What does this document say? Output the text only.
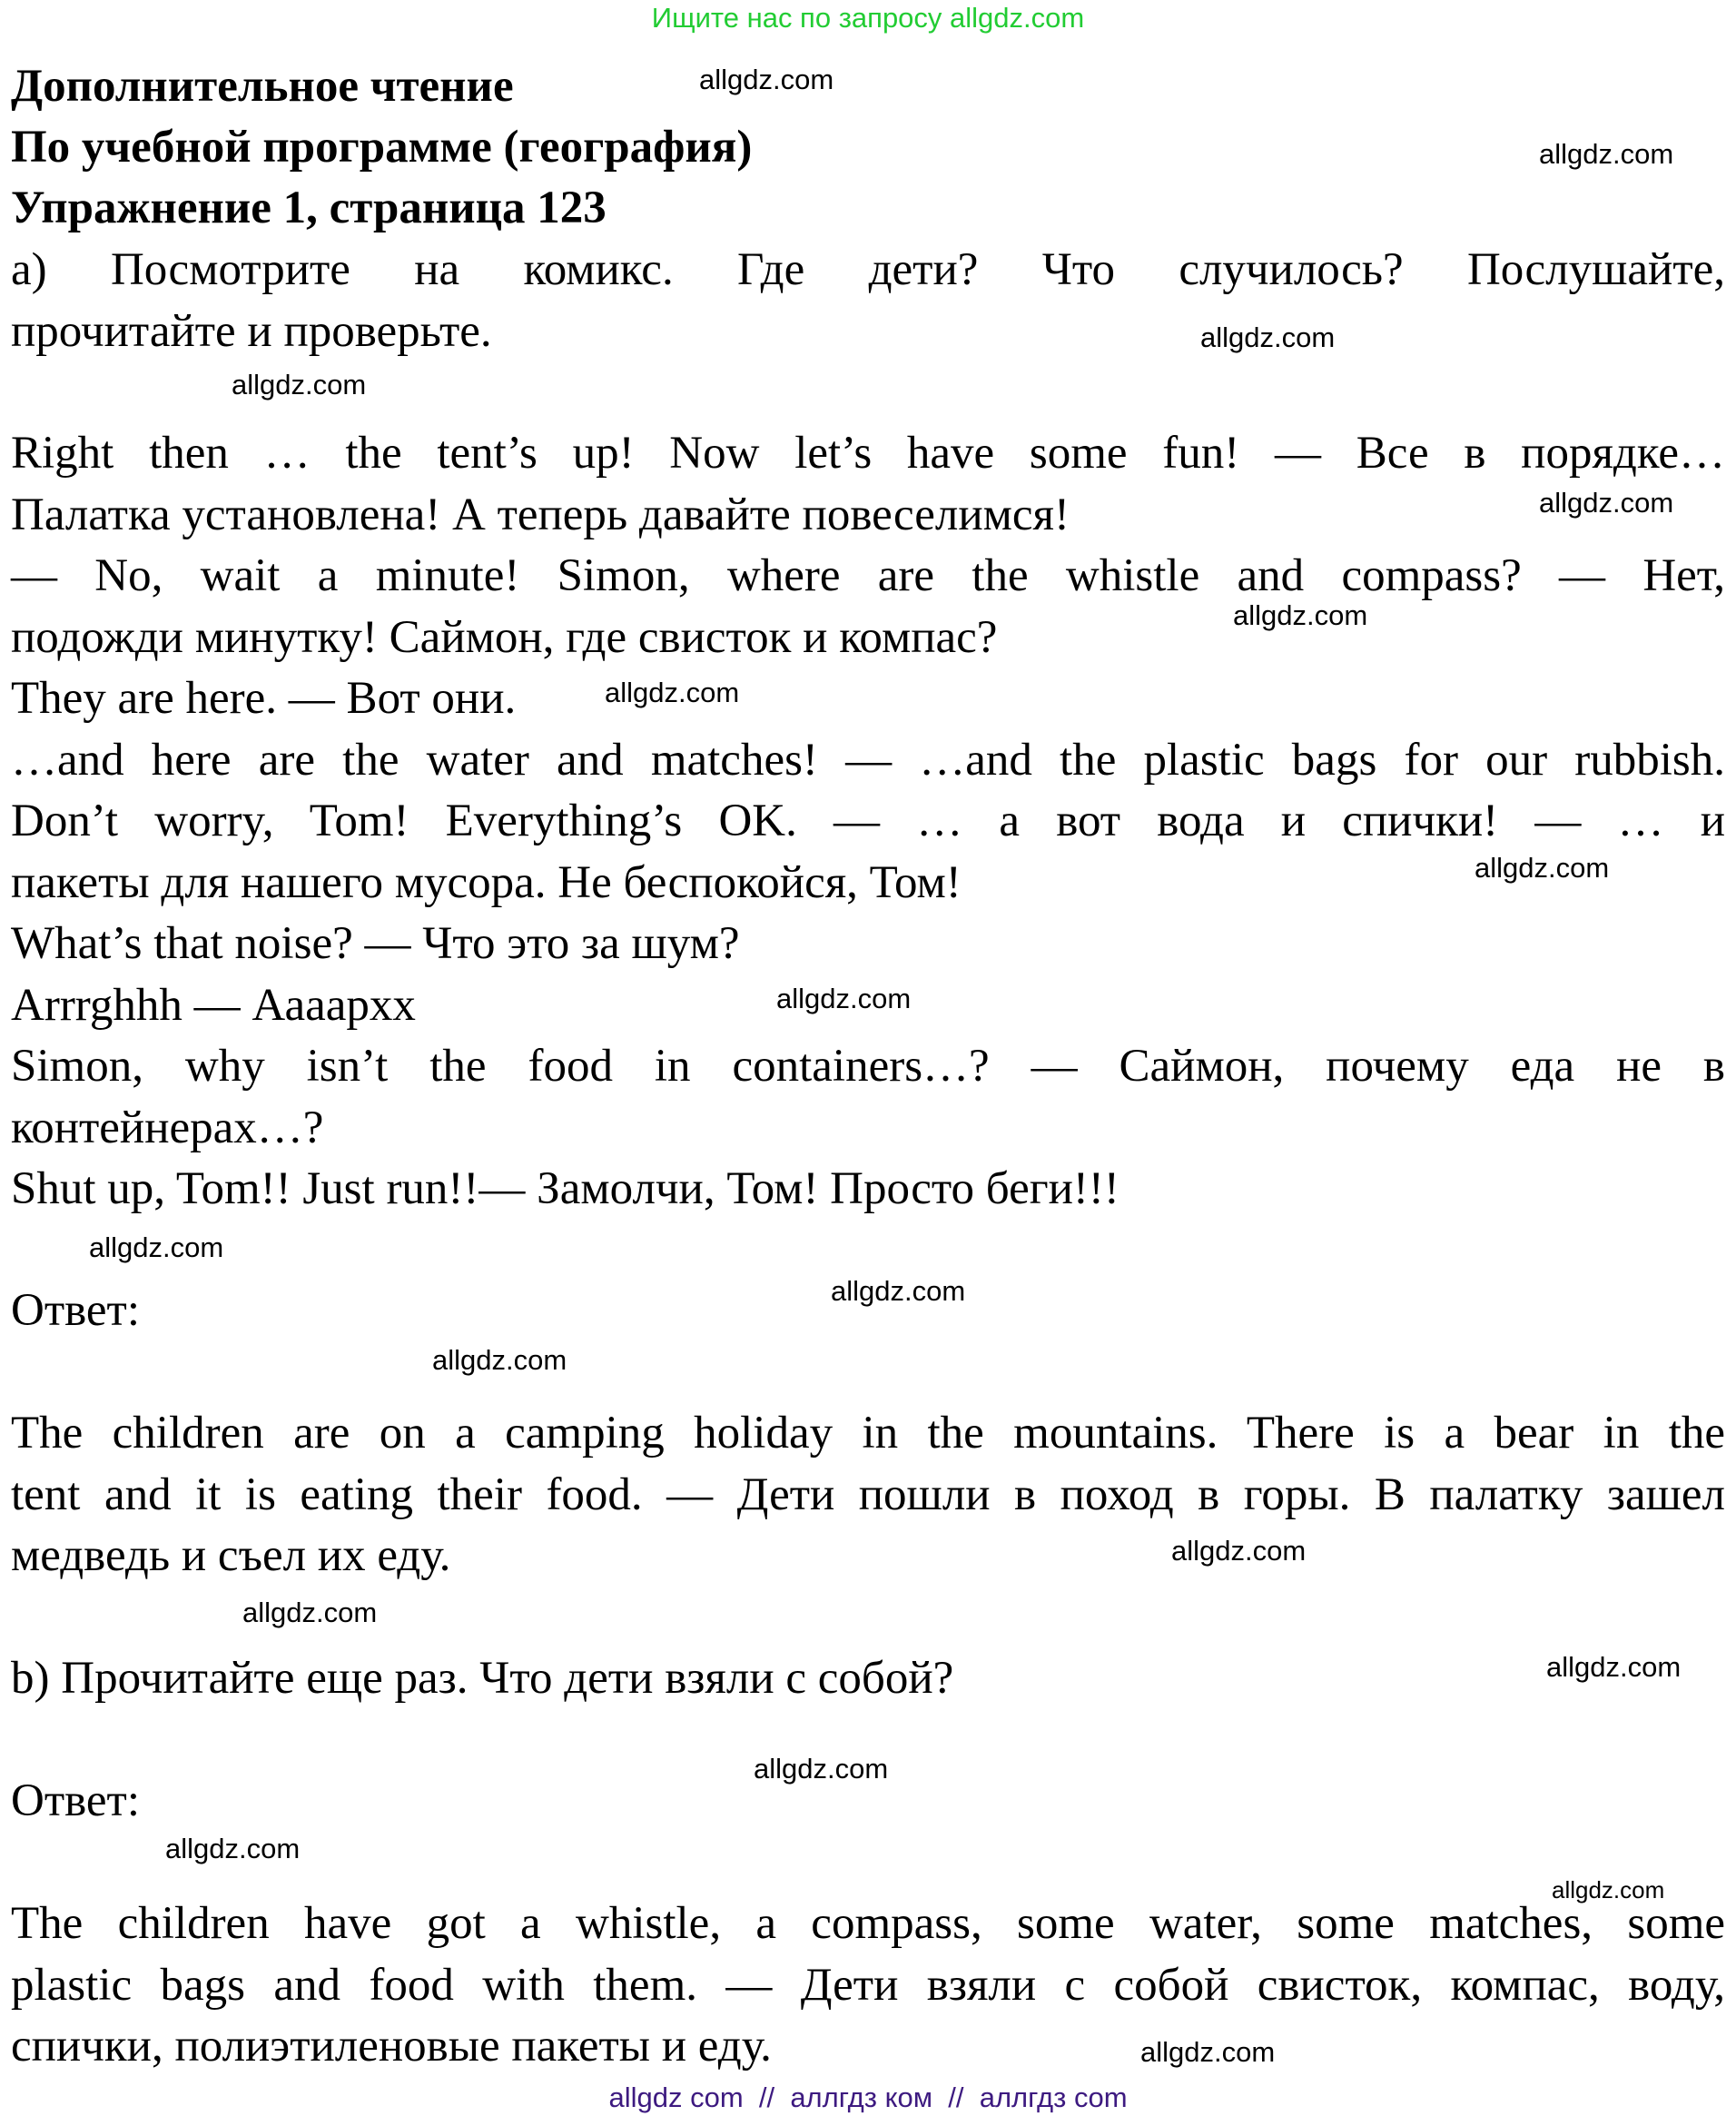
Ищите нас по запросу allgdz.com
Дополнительное чтение
По учебной программе (география)
Упражнение 1, страница 123
а) Посмотрите на комикс. Где дети? Что случилось? Послушайте,
прочитайте и проверьте.
Right then … the tent’s up! Now let’s have some fun! — Все в порядке…
Палатка установлена! А теперь давайте повеселимся!
— No, wait a minute! Simon, where are the whistle and compass? — Нет,
подожди минутку! Саймон, где свисток и компас?
They are here. — Вот они.
…and here are the water and matches! — …and the plastic bags for our rubbish.
Don’t worry, Tom! Everything’s OK. — … а вот вода и спички! — … и
пакеты для нашего мусора. Не беспокойся, Том!
What’s that noise? — Что это за шум?
Arrrghhh — Аааархх
Simon, why isn’t the food in containers…? — Саймон, почему еда не в
контейнерах…?
Shut up, Tom!! Just run!!— Замолчи, Том! Просто беги!!!
Ответ:
The children are on a camping holiday in the mountains. There is a bear in the
tent and it is eating their food. — Дети пошли в поход в горы. В палатку зашел
медведь и съел их еду.
b) Прочитайте еще раз. Что дети взяли с собой?
Ответ:
The children have got a whistle, a compass, some water, some matches, some
plastic bags and food with them. — Дети взяли с собой свисток, компас, воду,
спички, полиэтиленовые пакеты и еду.
allgdz.com
allgdz.com
allgdz.com
allgdz.com
allgdz.com
allgdz.com
allgdz.com
allgdz.com
allgdz.com
allgdz.com
allgdz.com
allgdz.com
allgdz.com
allgdz.com
allgdz.com
allgdz.com
allgdz.com
allgdz.com
allgdz.com
allgdz com  //  аллгдз ком  //  аллгдз com
